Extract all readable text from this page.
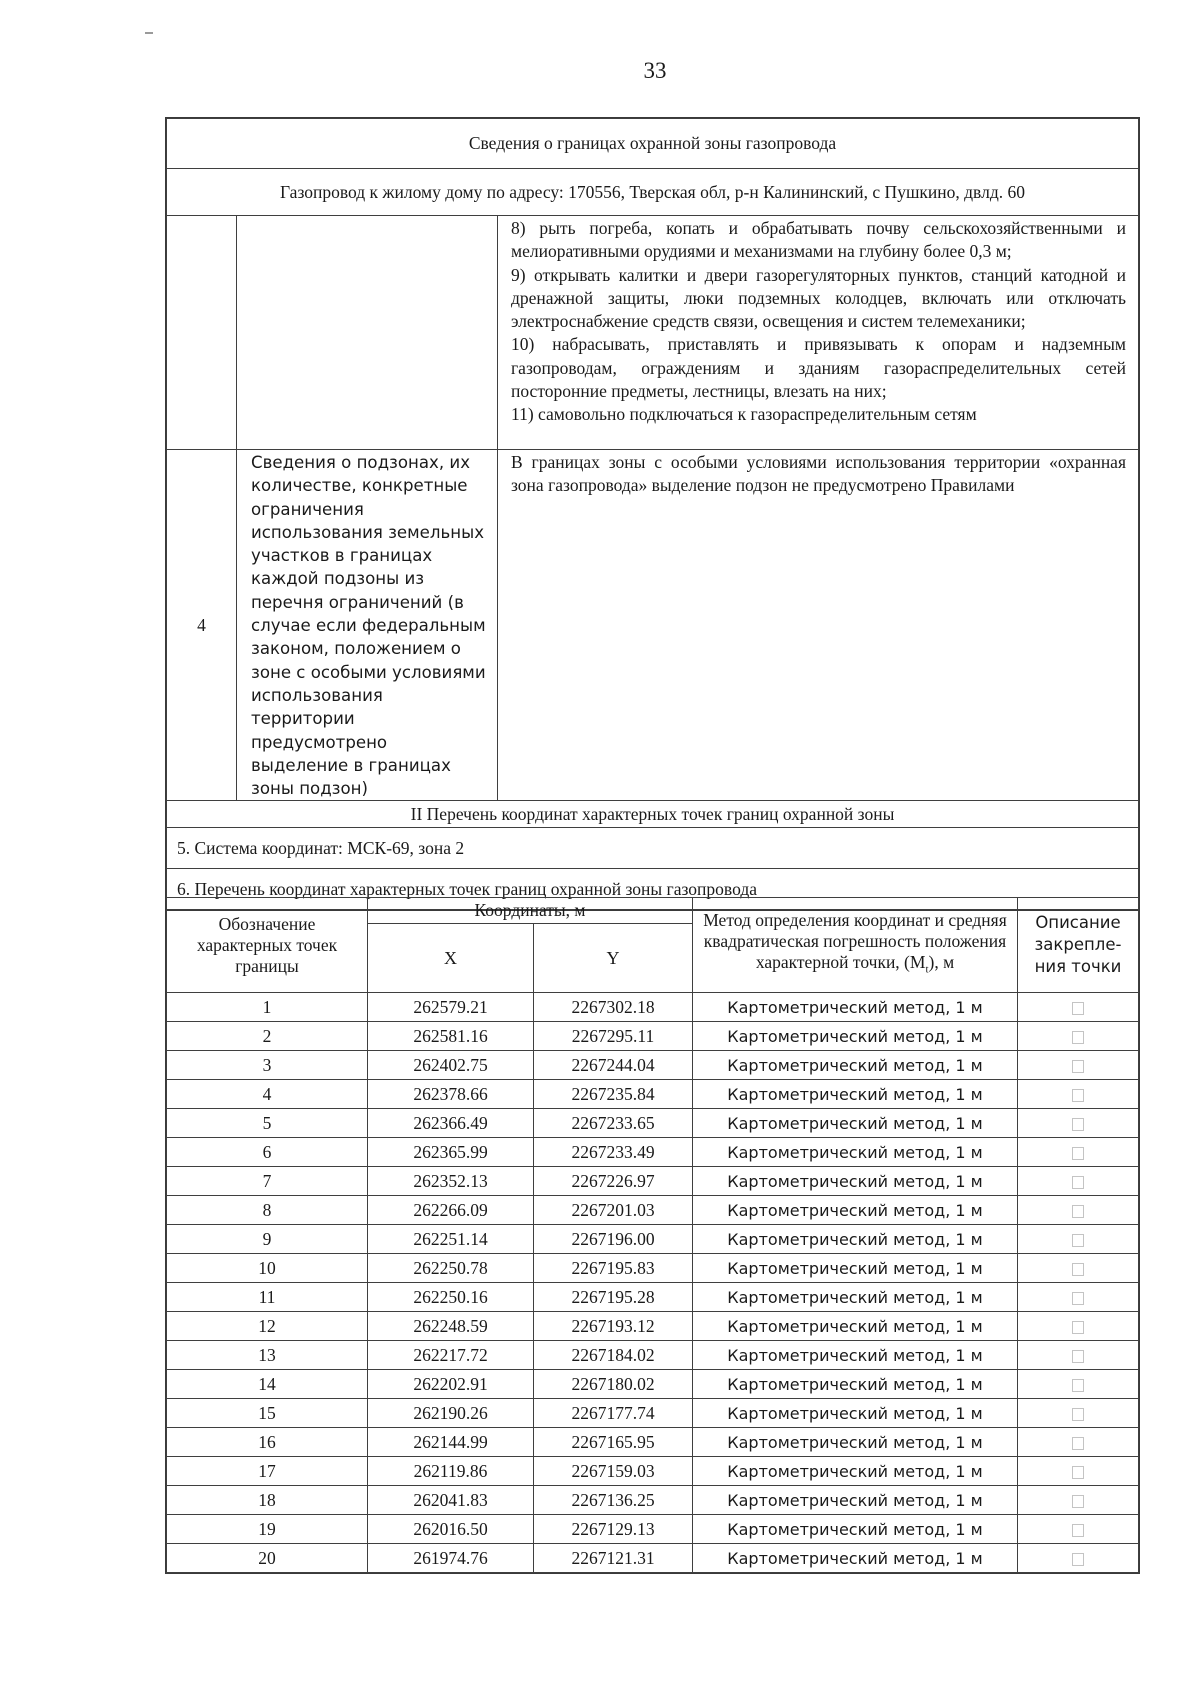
33
Сведения о границах охранной зоны газопровода		
Газопровод к жилому дому по адресу: 170556, Тверская обл, р-н Калининский, с Пушкино, двлд. 60		

		8) рыть погреба, копать и обрабатывать почву сельскохозяйственными и мелиоративными орудиями и механизмами на глубину более 0,3 м;
9) открывать калитки и двери газорегуляторных пунктов, станций катодной и дренажной защиты, люки подземных колодцев, включать или отключать электроснабжение средств связи, освещения и систем телемеханики;
10) набрасывать, приставлять и привязывать к опорам и надземным газопроводам, ограждениям и зданиям газораспределительных сетей посторонние предметы, лестницы, влезать на них;
11) самовольно подключаться к газораспределительным сетям

4	Сведения о подзонах, их количестве, конкретные ограничения использования земельных участков в границах каждой подзоны из перечня ограничений (в случае если федеральным законом, положением о зоне с особыми условиями использования территории предусмотрено выделение в границах зоны подзон)	В границах зоны с особыми условиями использования территории «охранная зона газопровода» выделение подзон не предусмотрено Правилами
II Перечень координат характерных точек границ охранной зоны		
5. Система координат: МСК-69, зона 2		
6. Перечень координат характерных точек границ охранной зоны газопровода		
Обозначение характерных точек границы	Координаты, м		Метод определения координат и средняя квадратическая погрешность положения характерной точки, $(M_t)$, м	Описание закрепле-ния точки
	X	Y		
1	262579.21	2267302.18	Картометрический метод, 1 м	
2	262581.16	2267295.11	Картометрический метод, 1 м	
3	262402.75	2267244.04	Картометрический метод, 1 м	
4	262378.66	2267235.84	Картометрический метод, 1 м	
5	262366.49	2267233.65	Картометрический метод, 1 м	
6	262365.99	2267233.49	Картометрический метод, 1 м	
7	262352.13	2267226.97	Картометрический метод, 1 м	
8	262266.09	2267201.03	Картометрический метод, 1 м	
9	262251.14	2267196.00	Картометрический метод, 1 м	
10	262250.78	2267195.83	Картометрический метод, 1 м	
11	262250.16	2267195.28	Картометрический метод, 1 м	
12	262248.59	2267193.12	Картометрический метод, 1 м	
13	262217.72	2267184.02	Картометрический метод, 1 м	
14	262202.91	2267180.02	Картометрический метод, 1 м	
15	262190.26	2267177.74	Картометрический метод, 1 м	
16	262144.99	2267165.95	Картометрический метод, 1 м	
17	262119.86	2267159.03	Картометрический метод, 1 м	
18	262041.83	2267136.25	Картометрический метод, 1 м	
19	262016.50	2267129.13	Картометрический метод, 1 м	
20	261974.76	2267121.31	Картометрический метод, 1 м	
